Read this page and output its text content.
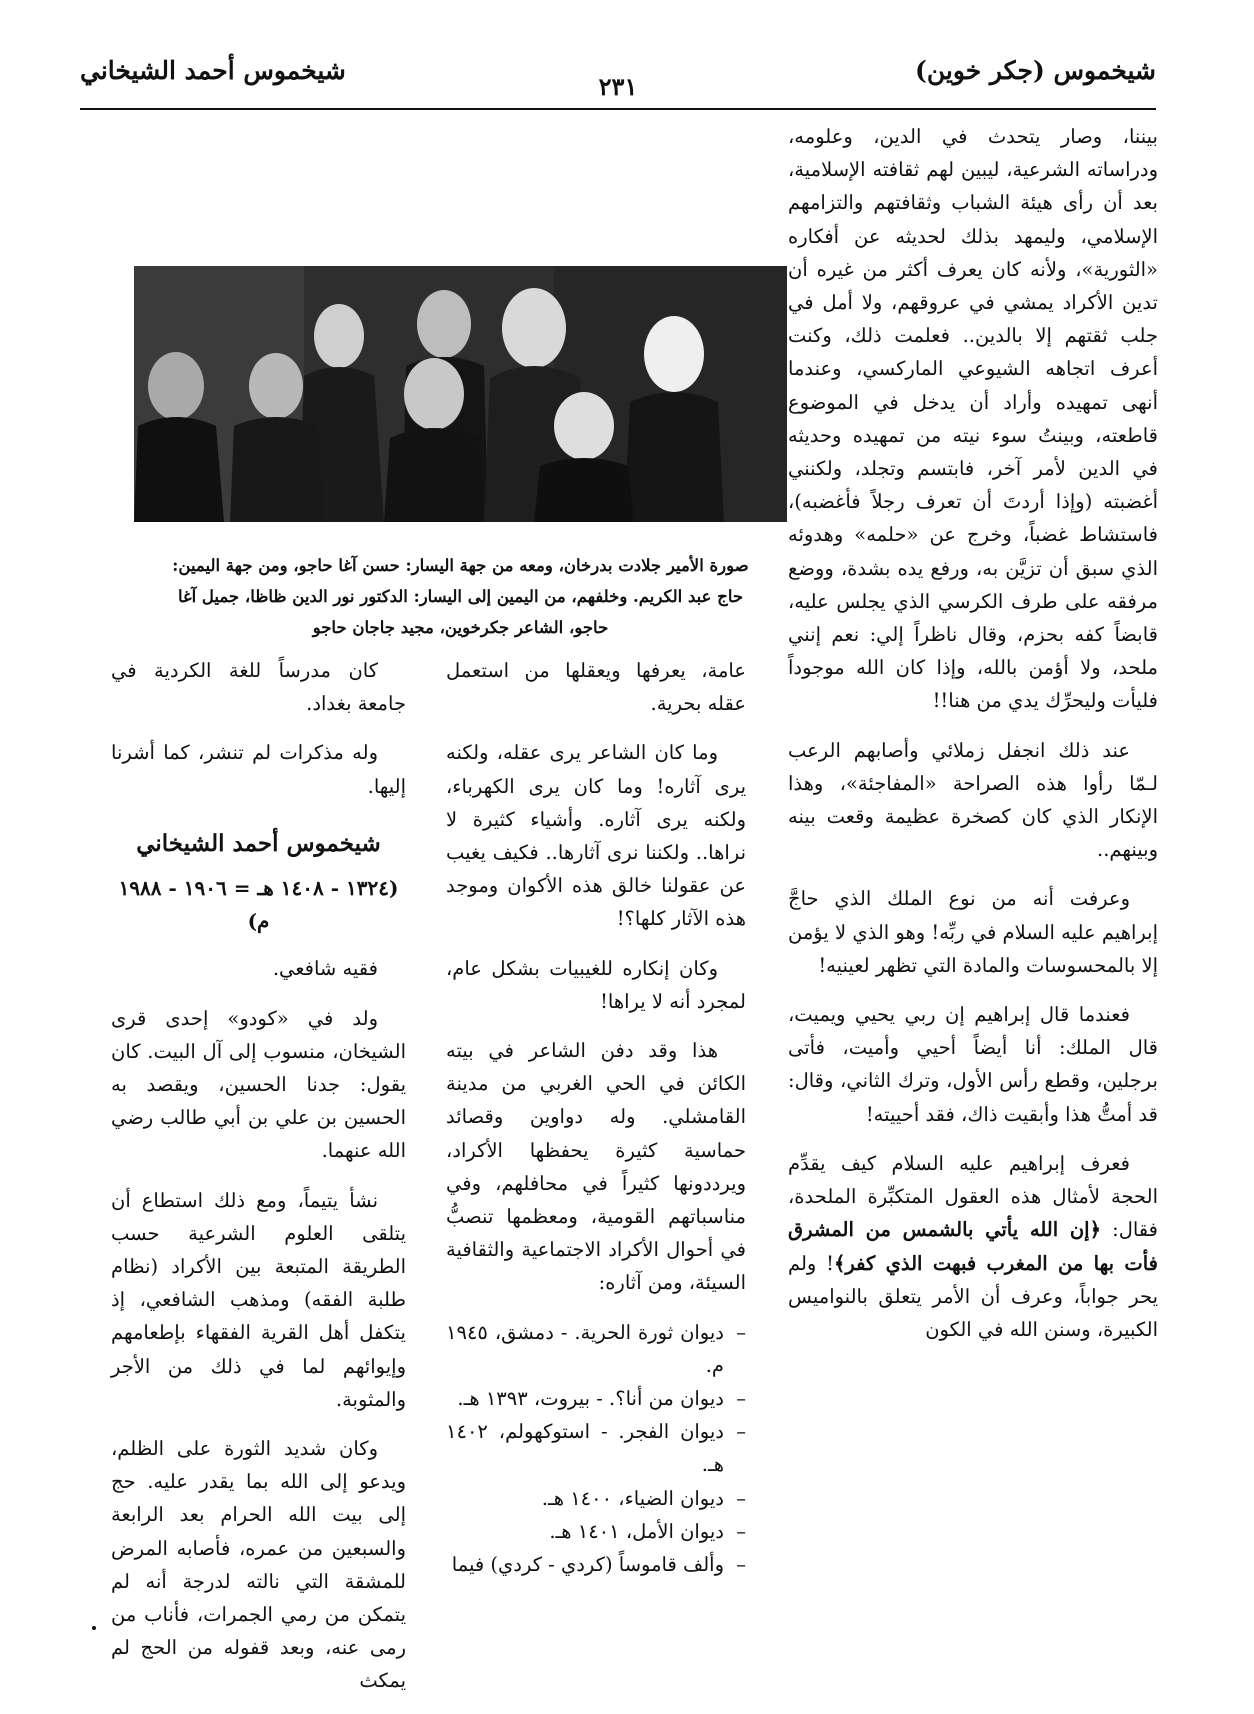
شيخموس (جكر خوين)
٢٣١
شيخموس أحمد الشيخاني

بيننا، وصار يتحدث في الدين، وعلومه، ودراساته الشرعية، ليبين لهم ثقافته الإسلامية، بعد أن رأى هيئة الشباب وثقافتهم والتزامهم الإسلامي، وليمهد بذلك لحديثه عن أفكاره «الثورية»، ولأنه كان يعرف أكثر من غيره أن تدين الأكراد يمشي في عروقهم، ولا أمل في جلب ثقتهم إلا بالدين.. فعلمت ذلك، وكنت أعرف اتجاهه الشيوعي الماركسي، وعندما أنهى تمهيده وأراد أن يدخل في الموضوع قاطعته، وبينتُ سوء نيته من تمهيده وحديثه في الدين لأمر آخر، فابتسم وتجلد، ولكنني أغضبته (وإذا أردتَ أن تعرف رجلاً فأغضبه)، فاستشاط غضباً، وخرج عن «حلمه» وهدوئه الذي سبق أن تزيَّن به، ورفع يده بشدة، ووضع مرفقه على طرف الكرسي الذي يجلس عليه، قابضاً كفه بحزم، وقال ناظراً إلي: نعم إنني ملحد، ولا أؤمن بالله، وإذا كان الله موجوداً فليأت وليحرِّك يدي من هنا!!

عند ذلك انجفل زملائي وأصابهم الرعب لـمّا رأوا هذه الصراحة «المفاجئة»، وهذا الإنكار الذي كان كصخرة عظيمة وقعت بينه وبينهم..

وعرفت أنه من نوع الملك الذي حاجَّ إبراهيم عليه السلام في ربِّه! وهو الذي لا يؤمن إلا بالمحسوسات والمادة التي تظهر لعينيه!

فعندما قال إبراهيم إن ربي يحيي ويميت، قال الملك: أنا أيضاً أحيي وأميت، فأتى برجلين، وقطع رأس الأول، وترك الثاني، وقال: قد أمتُّ هذا وأبقيت ذاك، فقد أحييته!

فعرف إبراهيم عليه السلام كيف يقدِّم الحجة لأمثال هذه العقول المتكبِّرة الملحدة، فقال: ﴿إن الله يأتي بالشمس من المشرق فأت بها من المغرب فبهت الذي كفر﴾! ولم يحر جواباً، وعرف أن الأمر يتعلق بالنواميس الكبيرة، وسنن الله في الكون

صورة الأمير جلادت بدرخان، ومعه من جهة اليسار: حسن آغا حاجو، ومن جهة اليمين:
حاج عبد الكريم. وخلفهم، من اليمين إلى اليسار: الدكتور نور الدين ظاظا، جميل آغا
حاجو، الشاعر جكرخوين، مجيد جاجان حاجو

عامة، يعرفها ويعقلها من استعمل عقله بحرية.

وما كان الشاعر يرى عقله، ولكنه يرى آثاره! وما كان يرى الكهرباء، ولكنه يرى آثاره. وأشياء كثيرة لا نراها.. ولكننا نرى آثارها.. فكيف يغيب عن عقولنا خالق هذه الأكوان وموجد هذه الآثار كلها؟!

وكان إنكاره للغيبيات بشكل عام، لمجرد أنه لا يراها!

هذا وقد دفن الشاعر في بيته الكائن في الحي الغربي من مدينة القامشلي. وله دواوين وقصائد حماسية كثيرة يحفظها الأكراد، ويرددونها كثيراً في محافلهم، وفي مناسباتهم القومية، ومعظمها تنصبُّ في أحوال الأكراد الاجتماعية والثقافية السيئة، ومن آثاره:

– ديوان ثورة الحرية. - دمشق، ١٩٤٥ م.
– ديوان من أنا؟. - بيروت، ١٣٩٣ هـ.
– ديوان الفجر. - استوكهولم، ١٤٠٢ هـ.
– ديوان الضياء، ١٤٠٠ هـ.
– ديوان الأمل، ١٤٠١ هـ.
– وألف قاموساً (كردي - كردي) فيما

كان مدرساً للغة الكردية في جامعة بغداد.

وله مذكرات لم تنشر، كما أشرنا إليها.

شيخموس أحمد الشيخاني

(١٣٢٤ - ١٤٠٨ هـ = ١٩٠٦ - ١٩٨٨ م)

فقيه شافعي.

ولد في «كودو» إحدى قرى الشيخان، منسوب إلى آل البيت. كان يقول: جدنا الحسين، ويقصد به الحسين بن علي بن أبي طالب رضي الله عنهما.

نشأ يتيماً، ومع ذلك استطاع أن يتلقى العلوم الشرعية حسب الطريقة المتبعة بين الأكراد (نظام طلبة الفقه) ومذهب الشافعي، إذ يتكفل أهل القرية الفقهاء بإطعامهم وإيوائهم لما في ذلك من الأجر والمثوبة.

وكان شديد الثورة على الظلم، ويدعو إلى الله بما يقدر عليه. حج إلى بيت الله الحرام بعد الرابعة والسبعين من عمره، فأصابه المرض للمشقة التي نالته لدرجة أنه لم يتمكن من رمي الجمرات، فأناب من رمى عنه، وبعد قفوله من الحج لم يمكث
